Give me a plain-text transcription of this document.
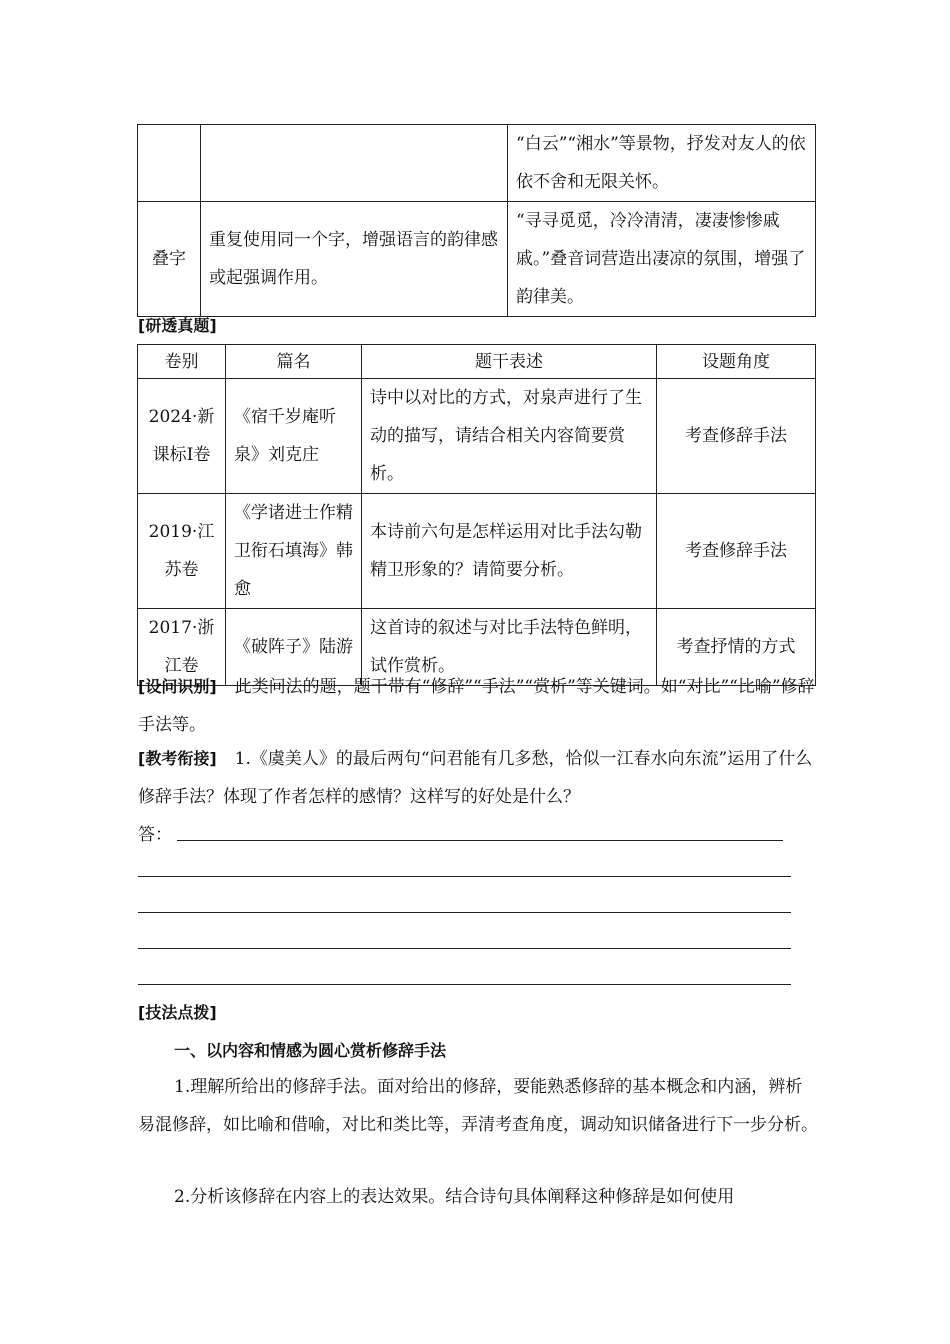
		“白云”“湘水”等景物，抒发对友人的依依不舍和无限关怀。
叠字	重复使用同一个字，增强语言的韵律感或起强调作用。	“寻寻觅觅，冷冷清清，凄凄惨惨戚戚。”叠音词营造出凄凉的氛围，增强了韵律美。

[研透真题]

卷别	篇名	题干表述	设题角度
2024·新课标Ⅰ卷	《宿千岁庵听泉》刘克庄	诗中以对比的方式，对泉声进行了生动的描写，请结合相关内容简要赏析。	考查修辞手法
2019·江苏卷	《学诸进士作精卫衔石填海》韩愈	本诗前六句是怎样运用对比手法勾勒精卫形象的？请简要分析。	考查修辞手法
2017·浙江卷	《破阵子》陆游	这首诗的叙述与对比手法特色鲜明，试作赏析。	考查抒情的方式

[设问识别] 此类问法的题，题干带有“修辞”“手法”“赏析”等关键词。如“对比”“比喻”修辞手法等。

[教考衔接] 1.《虞美人》的最后两句“问君能有几多愁，恰似一江春水向东流”运用了什么修辞手法？体现了作者怎样的感情？这样写的好处是什么？

答：

[技法点拨]

一、以内容和情感为圆心赏析修辞手法

1.理解所给出的修辞手法。面对给出的修辞，要能熟悉修辞的基本概念和内涵，辨析易混修辞，如比喻和借喻，对比和类比等，弄清考查角度，调动知识储备进行下一步分析。

2.分析该修辞在内容上的表达效果。结合诗句具体阐释这种修辞是如何使用
